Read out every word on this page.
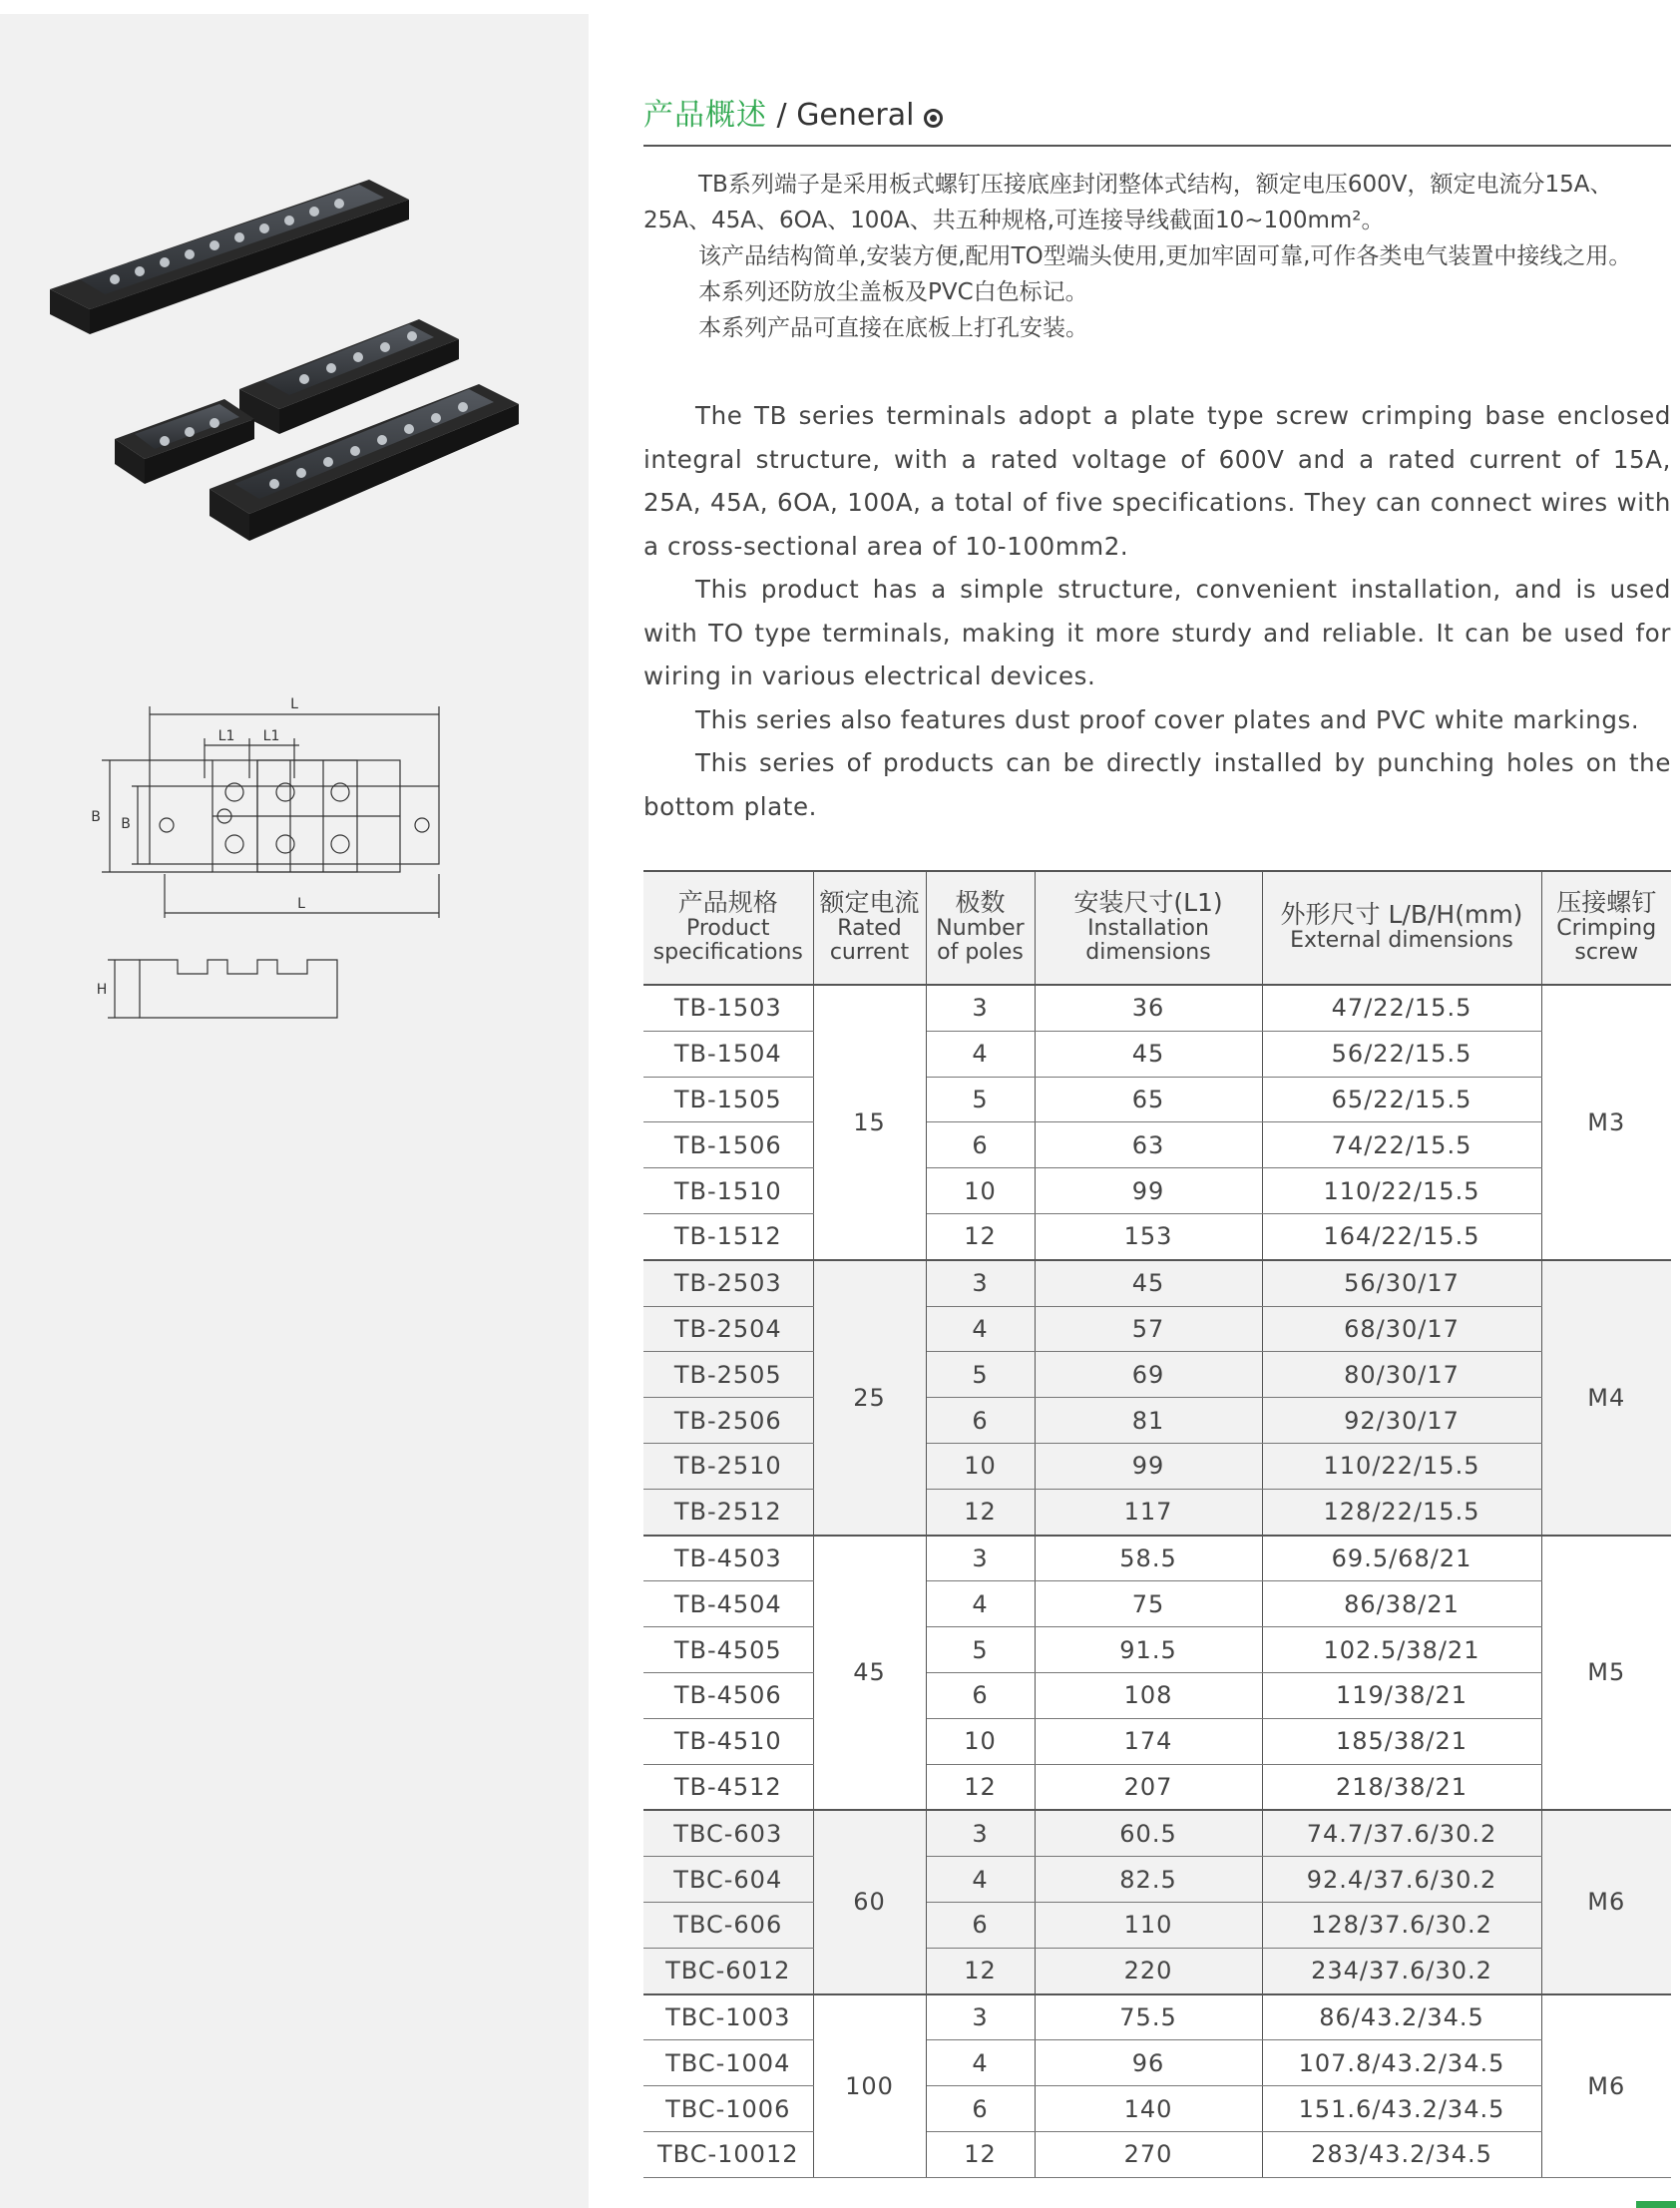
L
L1 L1
B B
L
H
产品概述 / General

TB系列端子是采用板式螺钉压接底座封闭整体式结构，额定电压600V，额定电流分15A、25A、45A、6OA、100A、共五种规格,可连接导线截面10~100mm²。

该产品结构简单,安装方便,配用TO型端头使用,更加牢固可靠,可作各类电气装置中接线之用。

本系列还防放尘盖板及PVC白色标记。

本系列产品可直接在底板上打孔安装。

The TB series terminals adopt a plate type screw crimping base enclosed integral structure, with a rated voltage of 600V and a rated current of 15A, 25A, 45A, 6OA, 100A, a total of five specifications. They can connect wires with a cross-sectional area of 10-100mm2.

This product has a simple structure, convenient installation, and is used with TO type terminals, making it more sturdy and reliable. It can be used for wiring in various electrical devices.

This series also features dust proof cover plates and PVC white markings.

This series of products can be directly installed by punching holes on the bottom plate.

产品规格
Product specifications	额定电流
Rated current	极数
Number of poles	安装尺寸(L1)
Installation dimensions	外形尺寸 L/B/H(mm)
External dimensions	压接螺钉
Crimping screw

TB-1503	15	3	36	47/22/15.5	M3
TB-1504		4	45	56/22/15.5	
TB-1505		5	65	65/22/15.5	
TB-1506		6	63	74/22/15.5	
TB-1510		10	99	110/22/15.5	
TB-1512		12	153	164/22/15.5	
TB-2503	25	3	45	56/30/17	M4
TB-2504		4	57	68/30/17	
TB-2505		5	69	80/30/17	
TB-2506		6	81	92/30/17	
TB-2510		10	99	110/22/15.5	
TB-2512		12	117	128/22/15.5	
TB-4503	45	3	58.5	69.5/68/21	M5
TB-4504		4	75	86/38/21	
TB-4505		5	91.5	102.5/38/21	
TB-4506		6	108	119/38/21	
TB-4510		10	174	185/38/21	
TB-4512		12	207	218/38/21	
TBC-603	60	3	60.5	74.7/37.6/30.2	M6
TBC-604		4	82.5	92.4/37.6/30.2	
TBC-606		6	110	128/37.6/30.2	
TBC-6012		12	220	234/37.6/30.2	
TBC-1003	100	3	75.5	86/43.2/34.5	M6
TBC-1004		4	96	107.8/43.2/34.5	
TBC-1006		6	140	151.6/43.2/34.5	
TBC-10012		12	270	283/43.2/34.5	
